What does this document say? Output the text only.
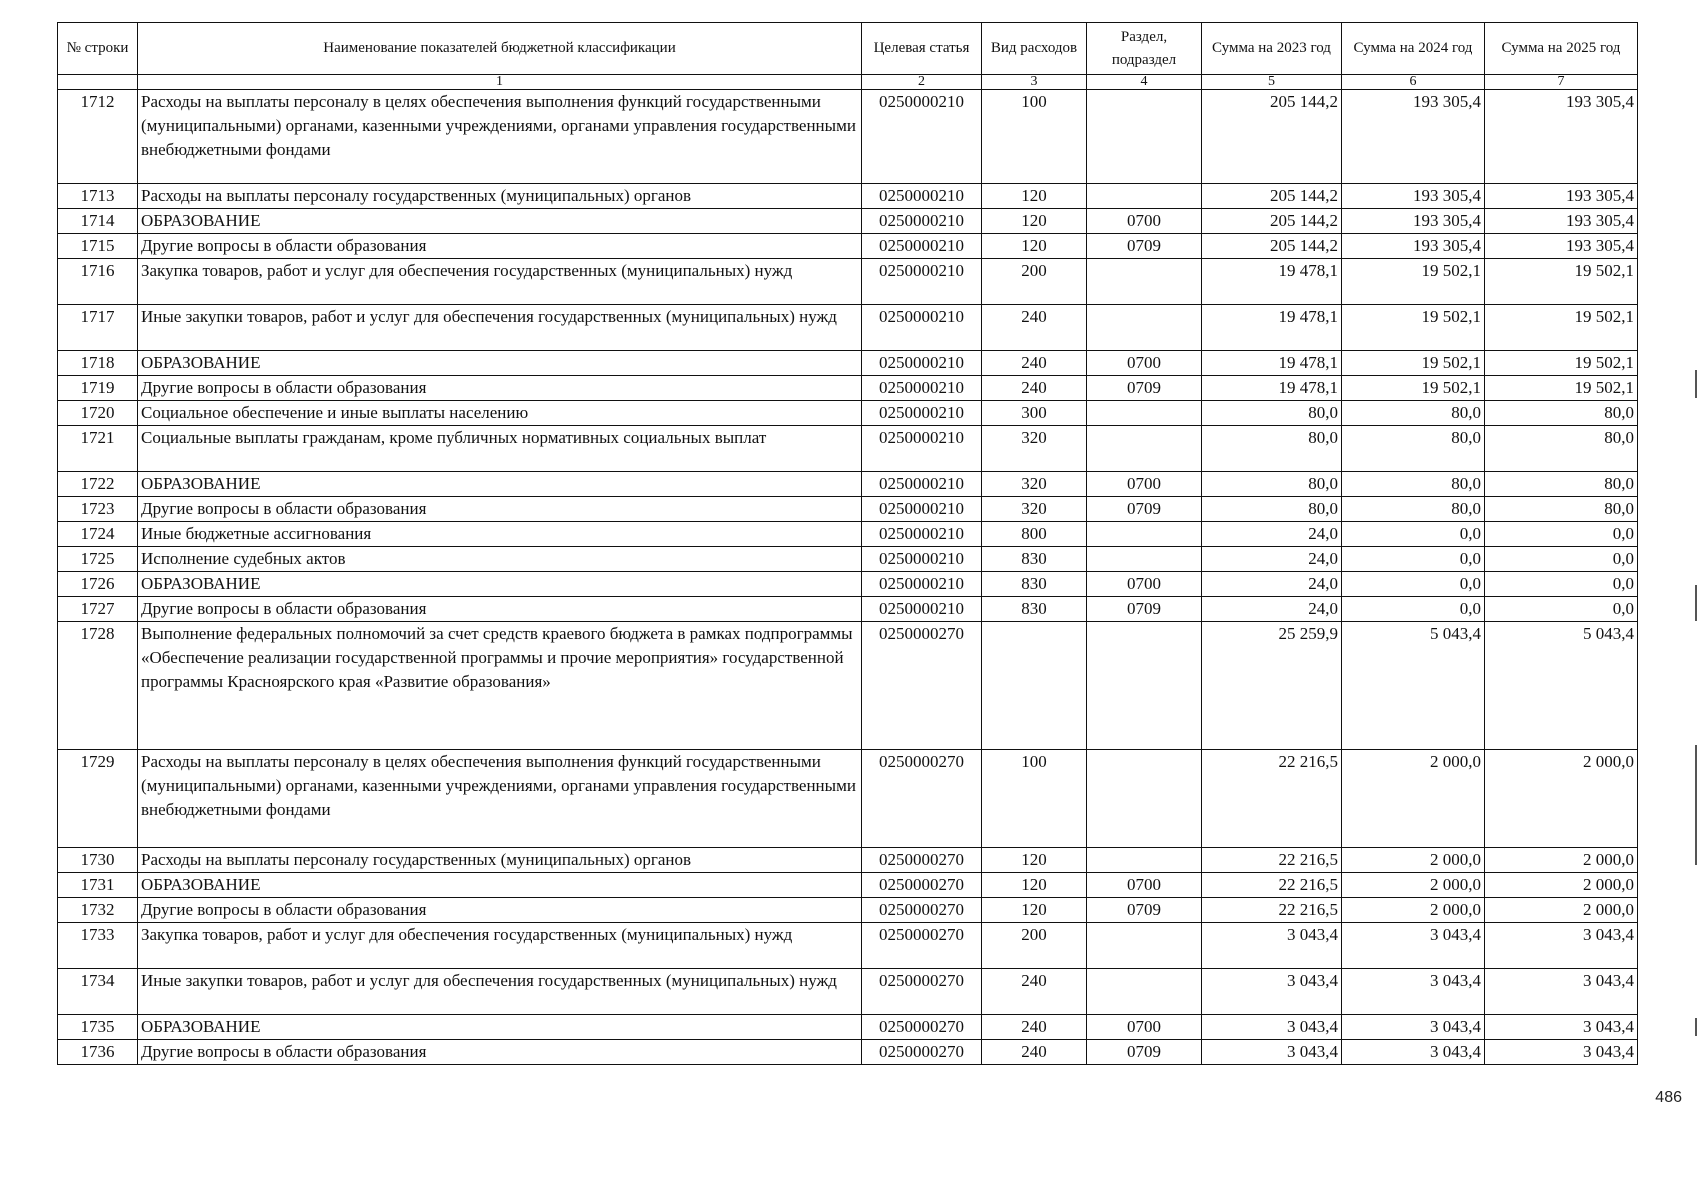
№ строки	Наименование показателей бюджетной классификации	Целевая статья	Вид расходов	Раздел, подраздел	Сумма на 2023 год	Сумма на 2024 год	Сумма на 2025 год
	1	2	3	4	5	6	7
1712	Расходы на выплаты персоналу в целях обеспечения выполнения функций государственными (муниципальными) органами, казенными учреждениями, органами управления государственными внебюджетными фондами	0250000210	100		205 144,2	193 305,4	193 305,4
1713	Расходы на выплаты персоналу государственных (муниципальных) органов	0250000210	120		205 144,2	193 305,4	193 305,4
1714	ОБРАЗОВАНИЕ	0250000210	120	0700	205 144,2	193 305,4	193 305,4
1715	Другие вопросы в области образования	0250000210	120	0709	205 144,2	193 305,4	193 305,4
1716	Закупка товаров, работ и услуг для обеспечения государственных (муниципальных) нужд	0250000210	200		19 478,1	19 502,1	19 502,1
1717	Иные закупки товаров, работ и услуг для обеспечения государственных (муниципальных) нужд	0250000210	240		19 478,1	19 502,1	19 502,1
1718	ОБРАЗОВАНИЕ	0250000210	240	0700	19 478,1	19 502,1	19 502,1
1719	Другие вопросы в области образования	0250000210	240	0709	19 478,1	19 502,1	19 502,1
1720	Социальное обеспечение и иные выплаты населению	0250000210	300		80,0	80,0	80,0
1721	Социальные выплаты гражданам, кроме публичных нормативных социальных выплат	0250000210	320		80,0	80,0	80,0
1722	ОБРАЗОВАНИЕ	0250000210	320	0700	80,0	80,0	80,0
1723	Другие вопросы в области образования	0250000210	320	0709	80,0	80,0	80,0
1724	Иные бюджетные ассигнования	0250000210	800		24,0	0,0	0,0
1725	Исполнение судебных актов	0250000210	830		24,0	0,0	0,0
1726	ОБРАЗОВАНИЕ	0250000210	830	0700	24,0	0,0	0,0
1727	Другие вопросы в области образования	0250000210	830	0709	24,0	0,0	0,0
1728	Выполнение федеральных полномочий за счет средств краевого бюджета в рамках подпрограммы «Обеспечение реализации государственной программы и прочие мероприятия» государственной программы Красноярского края «Развитие образования»	0250000270			25 259,9	5 043,4	5 043,4
1729	Расходы на выплаты персоналу в целях обеспечения выполнения функций государственными (муниципальными) органами, казенными учреждениями, органами управления государственными внебюджетными фондами	0250000270	100		22 216,5	2 000,0	2 000,0
1730	Расходы на выплаты персоналу государственных (муниципальных) органов	0250000270	120		22 216,5	2 000,0	2 000,0
1731	ОБРАЗОВАНИЕ	0250000270	120	0700	22 216,5	2 000,0	2 000,0
1732	Другие вопросы в области образования	0250000270	120	0709	22 216,5	2 000,0	2 000,0
1733	Закупка товаров, работ и услуг для обеспечения государственных (муниципальных) нужд	0250000270	200		3 043,4	3 043,4	3 043,4
1734	Иные закупки товаров, работ и услуг для обеспечения государственных (муниципальных) нужд	0250000270	240		3 043,4	3 043,4	3 043,4
1735	ОБРАЗОВАНИЕ	0250000270	240	0700	3 043,4	3 043,4	3 043,4
1736	Другие вопросы в области образования	0250000270	240	0709	3 043,4	3 043,4	3 043,4
486
